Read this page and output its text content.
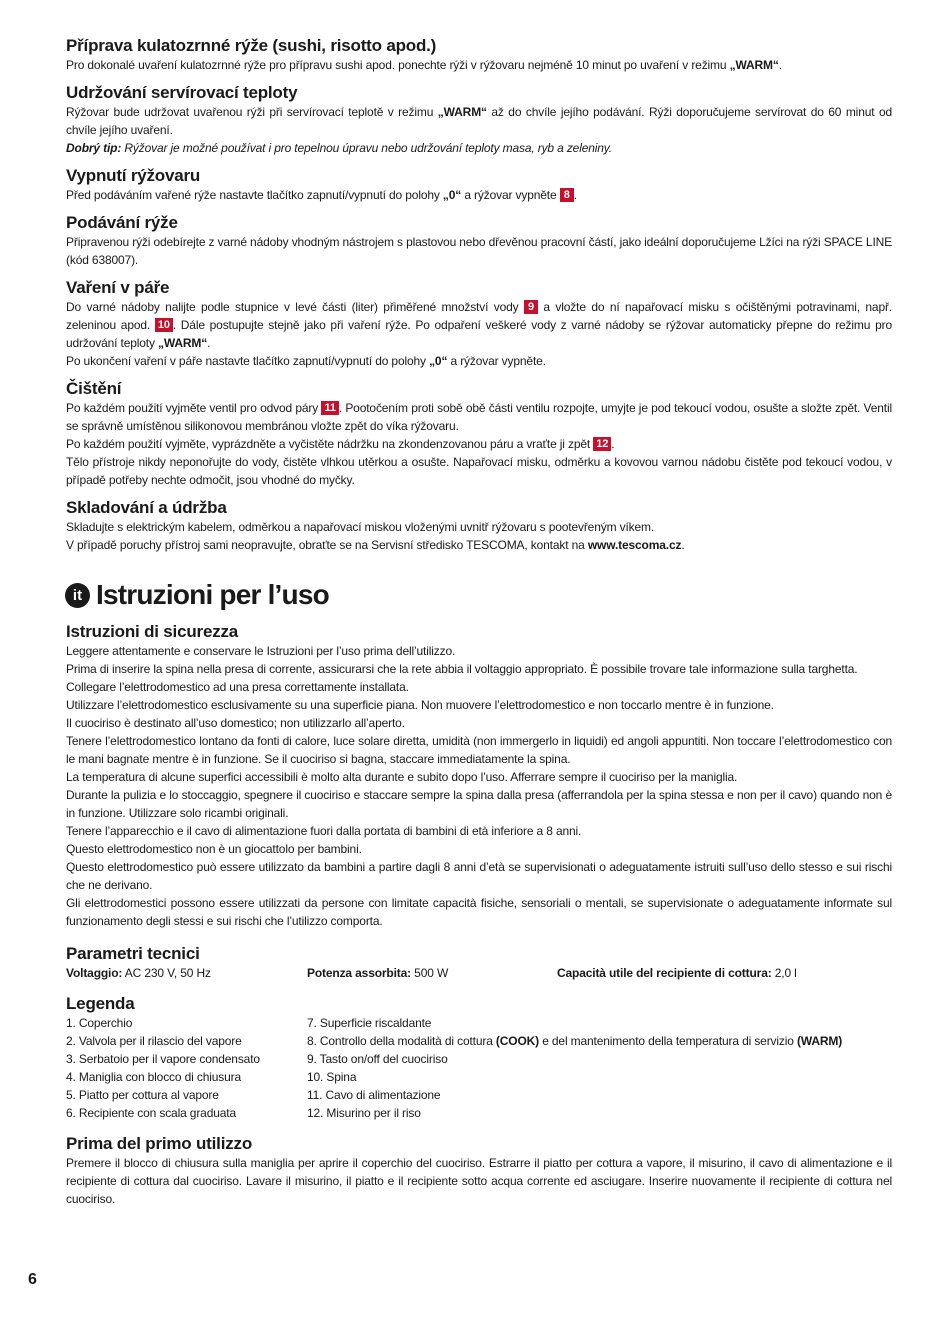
Příprava kulatozrnné rýže (sushi, risotto apod.)

Pro dokonalé uvaření kulatozrnné rýže pro přípravu sushi apod. ponechte rýži v rýžovaru nejméně 10 minut po uvaření v režimu „WARM“.

Udržování servírovací teploty

Rýžovar bude udržovat uvařenou rýži při servírovací teplotě v režimu „WARM“ až do chvíle jejího podávání. Rýži doporučujeme servírovat do 60 minut od chvíle jejího uvaření.

Dobrý tip: Rýžovar je možné používat i pro tepelnou úpravu nebo udržování teploty masa, ryb a zeleniny.

Vypnutí rýžovaru

Před podáváním vařené rýže nastavte tlačítko zapnutí/vypnutí do polohy „0“ a rýžovar vypněte 8 .

Podávání rýže

Připravenou rýži odebírejte z varné nádoby vhodným nástrojem s plastovou nebo dřevěnou pracovní částí, jako ideální doporučujeme Lžíci na rýži SPACE LINE (kód 638007).

Vaření v páře

Do varné nádoby nalijte podle stupnice v levé části (liter) přiměřené množství vody 9 a vložte do ní napařovací misku s očištěnými potravinami, např. zeleninou apod. 10 . Dále postupujte stejně jako při vaření rýže. Po odpaření veškeré vody z varné nádoby se rýžovar automaticky přepne do režimu pro udržování teploty „WARM“.

Po ukončení vaření v páře nastavte tlačítko zapnutí/vypnutí do polohy „0“ a rýžovar vypněte.

Čištění

Po každém použití vyjměte ventil pro odvod páry 11 . Pootočením proti sobě obě části ventilu rozpojte, umyjte je pod tekoucí vodou, osušte a složte zpět. Ventil se správně umístěnou silikonovou membránou vložte zpět do víka rýžovaru.

Po každém použití vyjměte, vyprázdněte a vyčistěte nádržku na zkondenzovanou páru a vraťte ji zpět 12 .

Tělo přístroje nikdy neponořujte do vody, čistěte vlhkou utěrkou a osušte. Napařovací misku, odměrku a kovovou varnou nádobu čistěte pod tekoucí vodou, v případě potřeby nechte odmočit, jsou vhodné do myčky.

Skladování a údržba

Skladujte s elektrickým kabelem, odměrkou a napařovací miskou vloženými uvnitř rýžovaru s pootevřeným víkem.

V případě poruchy přístroj sami neopravujte, obraťte se na Servisní středisko TESCOMA, kontakt na www.tescoma.cz.

it Istruzioni per l’uso
Istruzioni di sicurezza

Leggere attentamente e conservare le Istruzioni per l’uso prima dell’utilizzo.

Prima di inserire la spina nella presa di corrente, assicurarsi che la rete abbia il voltaggio appropriato. È possibile trovare tale informazione sulla targhetta.

Collegare l’elettrodomestico ad una presa correttamente installata.

Utilizzare l’elettrodomestico esclusivamente su una superficie piana. Non muovere l’elettrodomestico e non toccarlo mentre è in funzione.

Il cuociriso è destinato all’uso domestico; non utilizzarlo all’aperto.

Tenere l’elettrodomestico lontano da fonti di calore, luce solare diretta, umidità (non immergerlo in liquidi) ed angoli appuntiti. Non toccare l’elettrodomestico con le mani bagnate mentre è in funzione. Se il cuociriso si bagna, staccare immediatamente la spina.

La temperatura di alcune superfici accessibili è molto alta durante e subito dopo l’uso. Afferrare sempre il cuociriso per la maniglia.

Durante la pulizia e lo stoccaggio, spegnere il cuociriso e staccare sempre la spina dalla presa (afferrandola per la spina stessa e non per il cavo) quando non è in funzione. Utilizzare solo ricambi originali.

Tenere l’apparecchio e il cavo di alimentazione fuori dalla portata di bambini di età inferiore a 8 anni.

Questo elettrodomestico non è un giocattolo per bambini.

Questo elettrodomestico può essere utilizzato da bambini a partire dagli 8 anni d’età se supervisionati o adeguatamente istruiti sull’uso dello stesso e sui rischi che ne derivano.

Gli elettrodomestici possono essere utilizzati da persone con limitate capacità fisiche, sensoriali o mentali, se supervisionate o adeguatamente informate sul funzionamento degli stessi e sui rischi che l’utilizzo comporta.

Parametri tecnici
Voltaggio: AC 230 V, 50 Hz	Potenza assorbita: 500 W	Capacità utile del recipiente di cottura: 2,0 l
Legenda
1. Coperchio
2. Valvola per il rilascio del vapore
3. Serbatoio per il vapore condensato
4. Maniglia con blocco di chiusura
5. Piatto per cottura al vapore
6. Recipiente con scala graduata
7. Superficie riscaldante
8. Controllo della modalità di cottura (COOK) e del mantenimento della temperatura di servizio (WARM)
9. Tasto on/off del cuociriso
10. Spina
11. Cavo di alimentazione
12. Misurino per il riso
Prima del primo utilizzo

Premere il blocco di chiusura sulla maniglia per aprire il coperchio del cuociriso. Estrarre il piatto per cottura a vapore, il misurino, il cavo di alimentazione e il recipiente di cottura dal cuociriso. Lavare il misurino, il piatto e il recipiente sotto acqua corrente ed asciugare. Inserire nuovamente il recipiente di cottura nel cuociriso.

6
